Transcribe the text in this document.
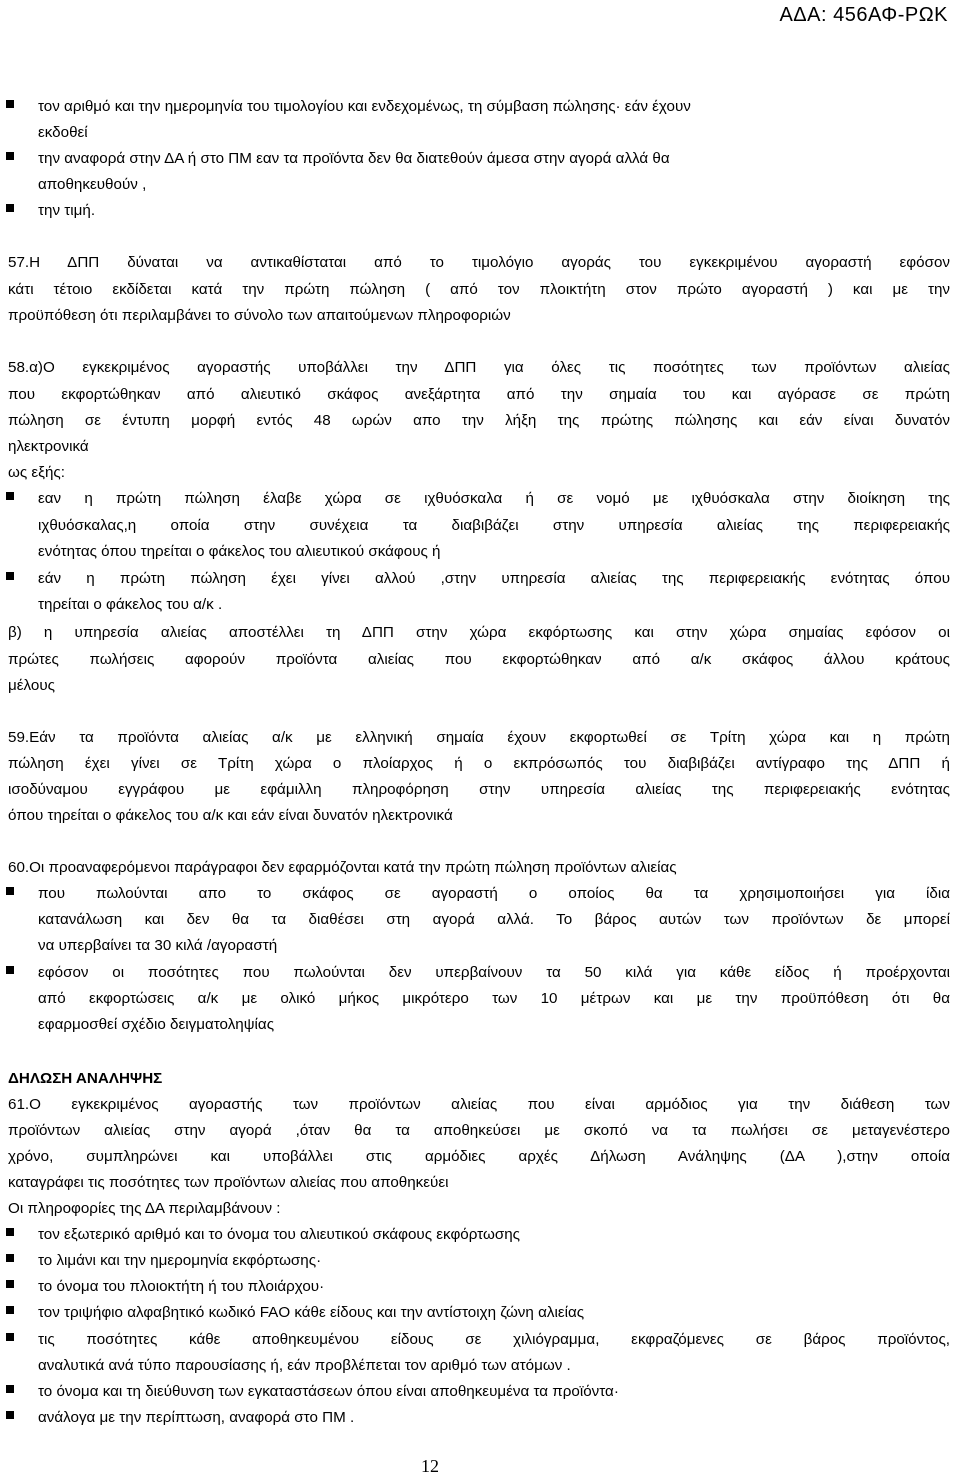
ΑΔΑ: 456ΑΦ-ΡΩΚ
τον αριθμό και την ημερομηνία του τιμολογίου και ενδεχομένως, τη σύμβαση πώλησης· εάν έχουν
εκδοθεί
την αναφορά στην ΔΑ ή στο ΠΜ εαν τα προϊόντα δεν θα διατεθούν άμεσα στην αγορά αλλά θα
αποθηκευθούν ,
την τιμή.
57.Η ΔΠΠ δύναται να αντικαθίσταται από το τιμολόγιο αγοράς του εγκεκριμένου αγοραστή εφόσον
κάτι τέτοιο εκδίδεται κατά την πρώτη πώληση ( από τον πλοικτήτη στον πρώτο αγοραστή ) και με την
προϋπόθεση ότι περιλαμβάνει το σύνολο των απαιτούμενων πληροφοριών
58.α)Ο εγκεκριμένος αγοραστής υποβάλλει την ΔΠΠ για όλες τις ποσότητες των προϊόντων αλιείας
που εκφορτώθηκαν από αλιευτικό σκάφος ανεξάρτητα από την σημαία του και αγόρασε σε πρώτη
πώληση σε έντυπη μορφή εντός 48 ωρών απο την λήξη της πρώτης πώλησης και εάν είναι δυνατόν
ηλεκτρονικά
ως εξής:
εαν η πρώτη πώληση έλαβε χώρα σε ιχθυόσκαλα ή σε νομό με ιχθυόσκαλα στην διοίκηση της
ιχθυόσκαλας,η οποία στην συνέχεια τα διαβιβάζει στην υπηρεσία αλιείας της περιφερειακής
ενότητας όπου τηρείται ο φάκελος του αλιευτικού σκάφους ή
εάν η πρώτη πώληση έχει γίνει αλλού ,στην υπηρεσία αλιείας της περιφερειακής ενότητας όπου
τηρείται ο φάκελος του α/κ .
β) η υπηρεσία αλιείας αποστέλλει τη ΔΠΠ στην χώρα εκφόρτωσης και στην χώρα σημαίας εφόσον οι
πρώτες πωλήσεις αφορούν προϊόντα αλιείας που εκφορτώθηκαν από α/κ σκάφος άλλου κράτους
μέλους
59.Εάν τα προϊόντα αλιείας α/κ με ελληνική σημαία έχουν εκφορτωθεί σε Τρίτη χώρα και η πρώτη
πώληση έχει γίνει σε Τρίτη χώρα ο πλοίαρχος ή ο εκπρόσωπός του διαβιβάζει αντίγραφο της ΔΠΠ ή
ισοδύναμου εγγράφου με εφάμιλλη πληροφόρηση στην υπηρεσία αλιείας της περιφερειακής ενότητας
όπου τηρείται ο φάκελος του α/κ και εάν είναι δυνατόν ηλεκτρονικά
60.Οι προαναφερόμενοι παράγραφοι δεν εφαρμόζονται κατά την πρώτη πώληση προϊόντων αλιείας
που πωλούνται απο το σκάφος σε αγοραστή ο οποίος θα τα χρησιμοποιήσει για ίδια
κατανάλωση και δεν θα τα διαθέσει στη αγορά αλλά. Το βάρος αυτών των προϊόντων δε μπορεί
να υπερβαίνει τα 30 κιλά /αγοραστή
εφόσον οι ποσότητες που πωλούνται δεν υπερβαίνουν τα 50 κιλά για κάθε είδος ή προέρχονται
από εκφορτώσεις α/κ με ολικό μήκος μικρότερο των 10 μέτρων και με την προϋπόθεση ότι θα
εφαρμοσθεί σχέδιο δειγματοληψίας
ΔΗΛΩΣΗ ΑΝΑΛΗΨΗΣ
61.Ο εγκεκριμένος αγοραστής των προϊόντων αλιείας που είναι αρμόδιος για την διάθεση των
προϊόντων αλιείας στην αγορά ,όταν θα τα αποθηκεύσει με σκοπό να τα πωλήσει σε μεταγενέστερο
χρόνο, συμπληρώνει και υποβάλλει στις αρμόδιες αρχές Δήλωση Ανάληψης (ΔΑ ),στην οποία
καταγράφει τις ποσότητες των προϊόντων αλιείας που αποθηκεύει
Οι πληροφορίες της ΔΑ περιλαμβάνουν :
τον εξωτερικό αριθμό και το όνομα του αλιευτικού σκάφους εκφόρτωσης
το λιμάνι και την ημερομηνία εκφόρτωσης·
το όνομα του πλοιοκτήτη ή του πλοιάρχου·
τον τριψήφιο αλφαβητικό κωδικό FAO κάθε είδους και την αντίστοιχη ζώνη αλιείας
τις ποσότητες κάθε αποθηκευμένου είδους σε χιλιόγραμμα, εκφραζόμενες σε βάρος προϊόντος,
αναλυτικά ανά τύπο παρουσίασης ή, εάν προβλέπεται τον αριθμό των ατόμων .
το όνομα και τη διεύθυνση των εγκαταστάσεων όπου είναι αποθηκευμένα τα προϊόντα·
ανάλογα με την περίπτωση, αναφορά στο ΠΜ .
12
